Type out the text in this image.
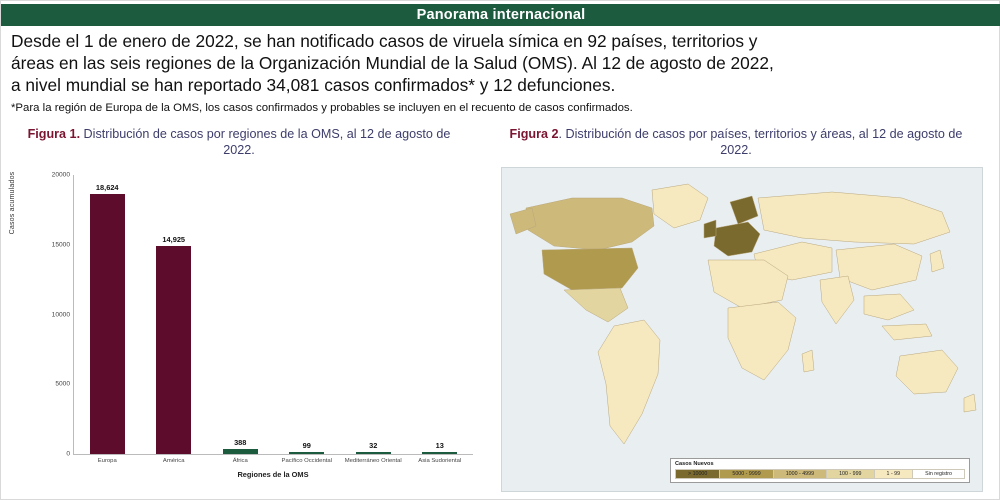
Panorama internacional
Desde el 1 de enero de 2022, se han notificado casos de viruela símica en 92 países, territorios y
áreas en las seis regiones de la Organización Mundial de la Salud (OMS). Al 12 de agosto de 2022,
a nivel mundial se han reportado 34,081 casos confirmados* y 12 defunciones.
*Para la región de Europa de la OMS, los casos confirmados y probables se incluyen en el recuento de casos confirmados.
Figura 1. Distribución de casos por regiones de la OMS, al 12 de agosto de 2022.
Figura 2. Distribución de casos por países, territorios y áreas, al 12 de agosto de 2022.
Casos acumulados
0
5000
10000
15000
20000
18,624
Europa
14,925
América
388
África
99
Pacífico Occidental
32
Mediterráneo Oriental
13
Asia Sudoriental
Regiones de la OMS
Casos Nuevos
> 10000	5000 - 9999	1000 - 4999	100 - 999	1 - 99	Sin registro
